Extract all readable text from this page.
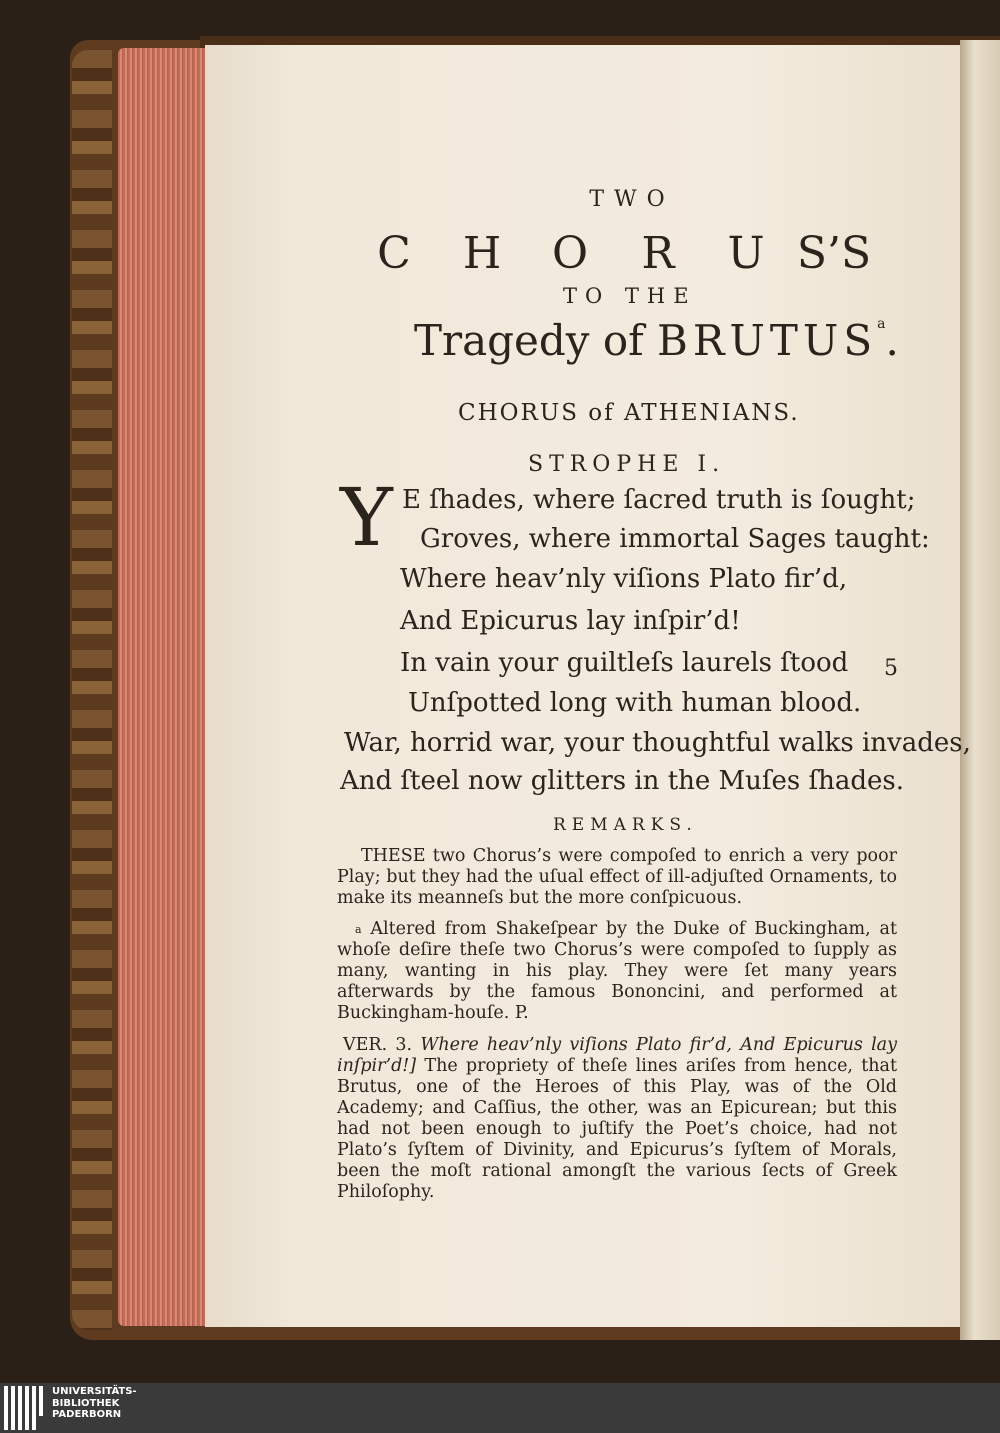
TWO
C H O R U S’S
TO THE
Tragedy of BRUTUS$^a$.
CHORUS of ATHENIANS.
STROPHE I.
Y E ſhades, where ſacred truth is ſought;
Groves, where immortal Sages taught:
Where heav’nly viſions Plato fir’d,
And Epicurus lay inſpir’d!
In vain your guiltleſs laurels ſtood 5
Unſpotted long with human blood.
War, horrid war, your thoughtful walks invades,
And ſteel now glitters in the Muſes ſhades.
REMARKS.
THESE two Chorus’s were compoſed to enrich a very poor Play; but they had the uſual effect of ill-adjuſted Ornaments, to make its meanneſs but the more conſpicuous.
$^a$ Altered from Shakeſpear by the Duke of Buckingham, at whoſe deſire theſe two Chorus’s were compoſed to ſupply as many, wanting in his play. They were ſet many years afterwards by the famous Bononcini, and performed at Buckingham-houſe. P.
VER. 3. Where heav’nly viſions Plato fir’d, And Epicurus lay inſpir’d!] The propriety of theſe lines ariſes from hence, that Brutus, one of the Heroes of this Play, was of the Old Academy; and Caſſius, the other, was an Epicurean; but this had not been enough to juſtify the Poet’s choice, had not Plato’s ſyſtem of Divinity, and Epicurus’s ſyſtem of Morals, been the moſt rational amongſt the various ſects of Greek Philoſophy.
UNIVERSITÄTS-
BIBLIOTHEK
PADERBORN
